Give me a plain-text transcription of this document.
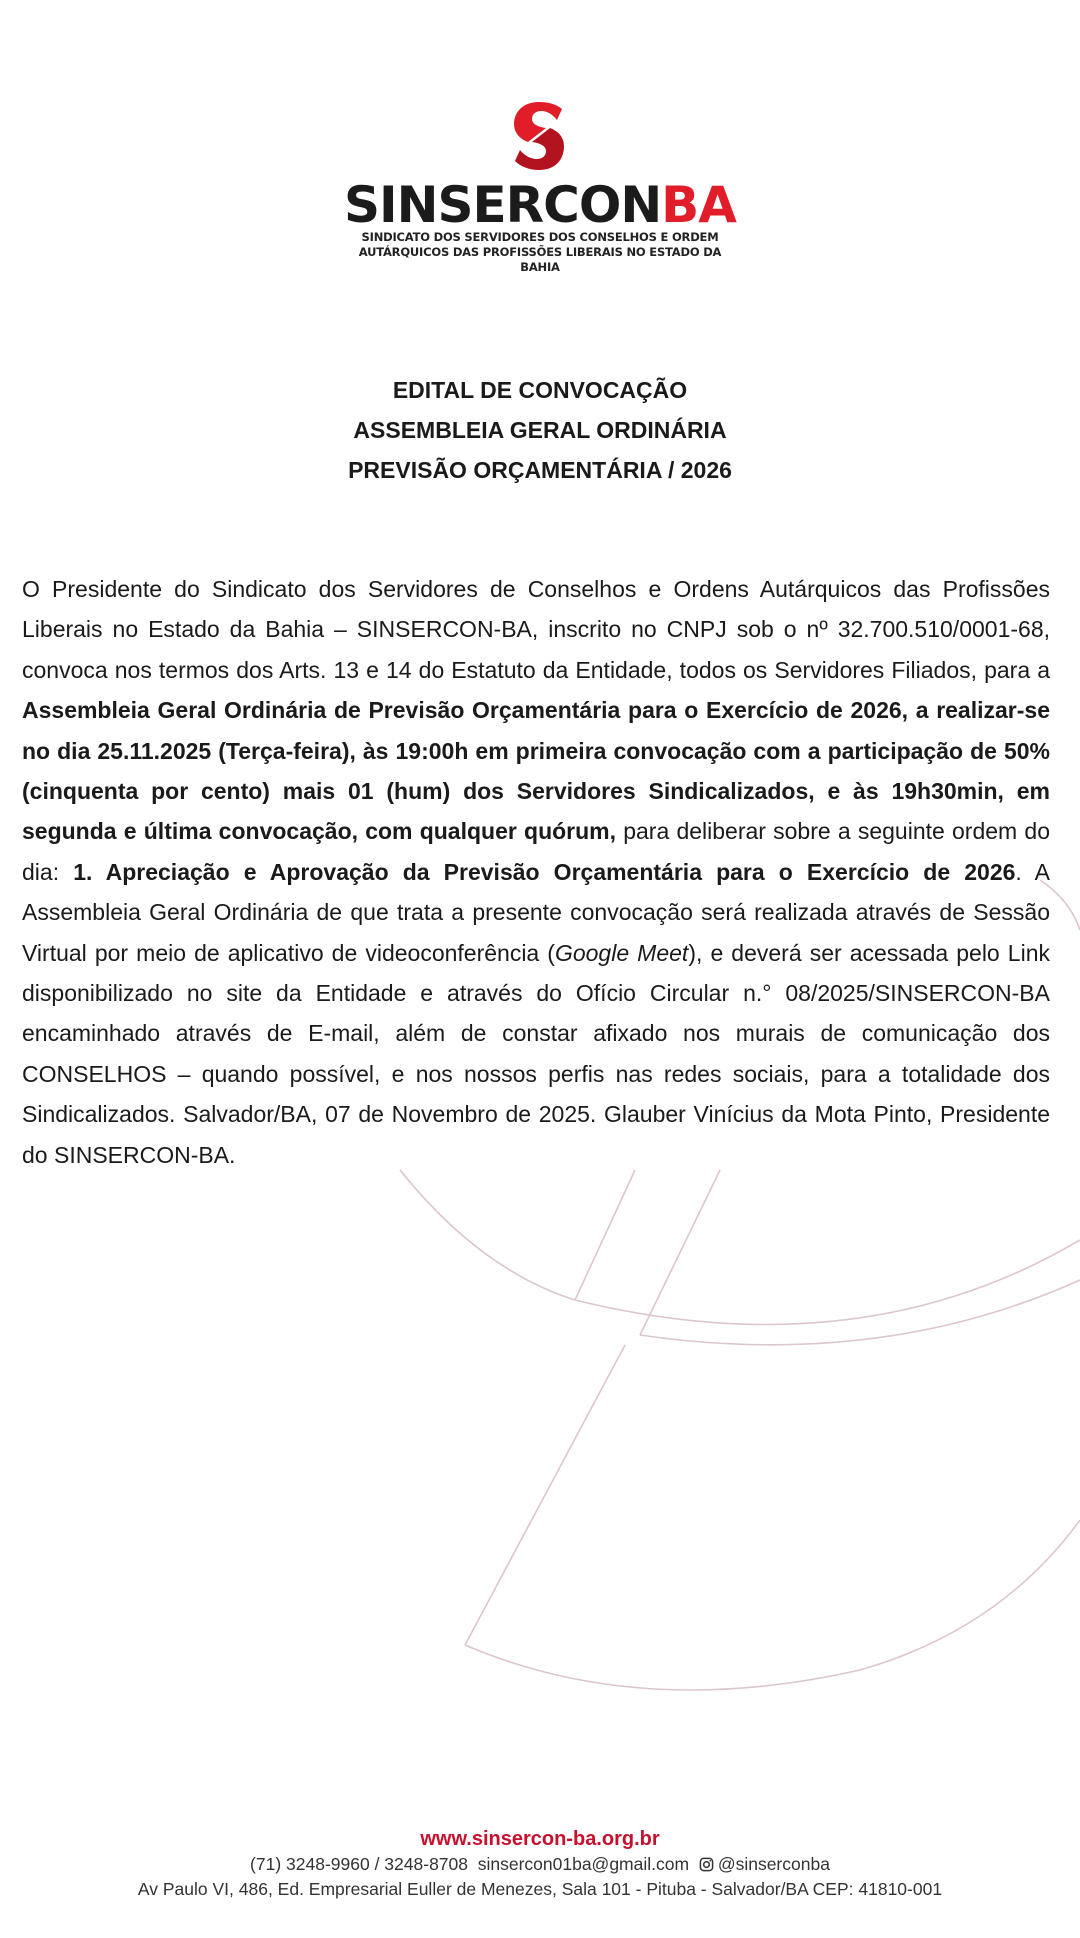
SINSERCONBA
SINDICATO DOS SERVIDORES DOS CONSELHOS E ORDEM
AUTÁRQUICOS DAS PROFISSÕES LIBERAIS NO ESTADO DA BAHIA
EDITAL DE CONVOCAÇÃO
ASSEMBLEIA GERAL ORDINÁRIA
PREVISÃO ORÇAMENTÁRIA / 2026
O Presidente do Sindicato dos Servidores de Conselhos e Ordens Autárquicos das Profissões Liberais no Estado da Bahia – SINSERCON-BA, inscrito no CNPJ sob o nº 32.700.510/0001-68, convoca nos termos dos Arts. 13 e 14 do Estatuto da Entidade, todos os Servidores Filiados, para a Assembleia Geral Ordinária de Previsão Orçamentária para o Exercício de 2026, a realizar-se no dia 25.11.2025 (Terça-feira), às 19:00h em primeira convocação com a participação de 50% (cinquenta por cento) mais 01 (hum) dos Servidores Sindicalizados, e às 19h30min, em segunda e última convocação, com qualquer quórum, para deliberar sobre a seguinte ordem do dia: 1. Apreciação e Aprovação da Previsão Orçamentária para o Exercício de 2026. A Assembleia Geral Ordinária de que trata a presente convocação será realizada através de Sessão Virtual por meio de aplicativo de videoconferência (Google Meet), e deverá ser acessada pelo Link disponibilizado no site da Entidade e através do Ofício Circular n.° 08/2025/SINSERCON-BA encaminhado através de E-mail, além de constar afixado nos murais de comunicação dos CONSELHOS – quando possível, e nos nossos perfis nas redes sociais, para a totalidade dos Sindicalizados. Salvador/BA, 07 de Novembro de 2025. Glauber Vinícius da Mota Pinto, Presidente do SINSERCON-BA.
www.sinsercon-ba.org.br
(71) 3248-9960 / 3248-8708 sinsercon01ba@gmail.com @sinserconba
Av Paulo VI, 486, Ed. Empresarial Euller de Menezes, Sala 101 - Pituba - Salvador/BA CEP: 41810-001
